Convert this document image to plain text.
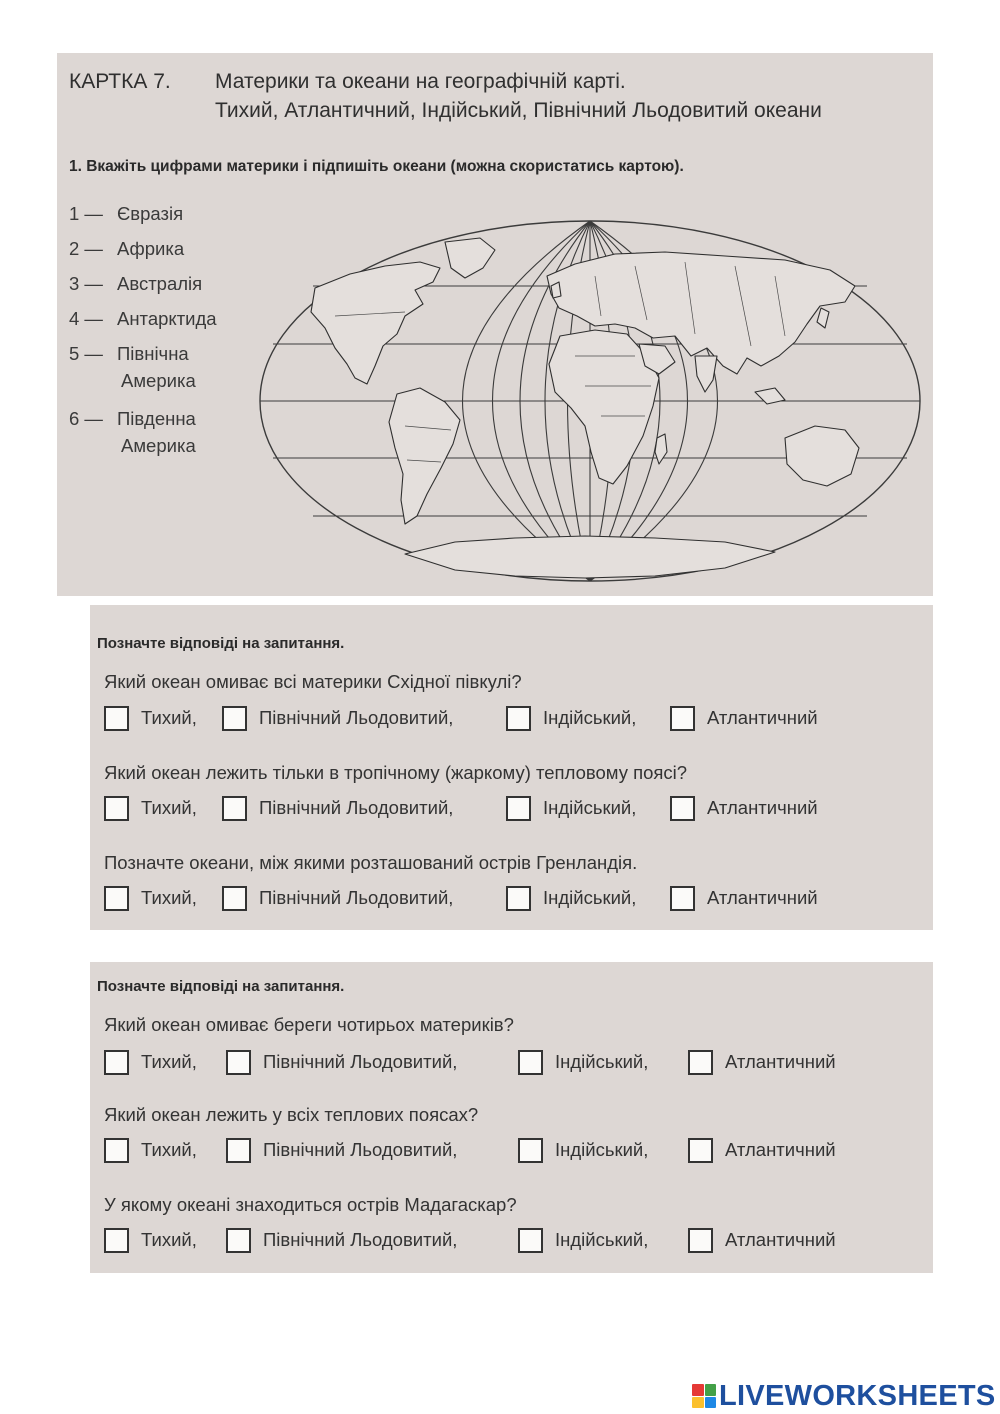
КАРТКА 7. Материки та океани на географічній карті.
Тихий, Атлантичний, Індійський, Північний Льодовитий океани
1. Вкажіть цифрами материки і підпишіть океани (можна скористатись картою).
1 — Євразія
2 — Африка
3 — Австралія
4 — Антарктида
5 — Північна
Америка
6 — Південна
Америка
Позначте відповіді на запитання.
Який океан омиває всі материки Східної півкулі?
Тихий,	Північний Льодовитий,	Індійський,	Атлантичний
Який океан лежить тільки в тропічному (жаркому) тепловому поясі?
Тихий,	Північний Льодовитий,	Індійський,	Атлантичний
Позначте океани, між якими розташований острів Гренландія.
Тихий,	Північний Льодовитий,	Індійський,	Атлантичний
Позначте відповіді на запитання.
Який океан омиває береги чотирьох материків?
Тихий,	Північний Льодовитий,	Індійський,	Атлантичний
Який океан лежить у всіх теплових поясах?
Тихий,	Північний Льодовитий,	Індійський,	Атлантичний
У якому океані знаходиться острів Мадагаскар?
Тихий,	Північний Льодовитий,	Індійський,	Атлантичний
LIVEWORKSHEETS
